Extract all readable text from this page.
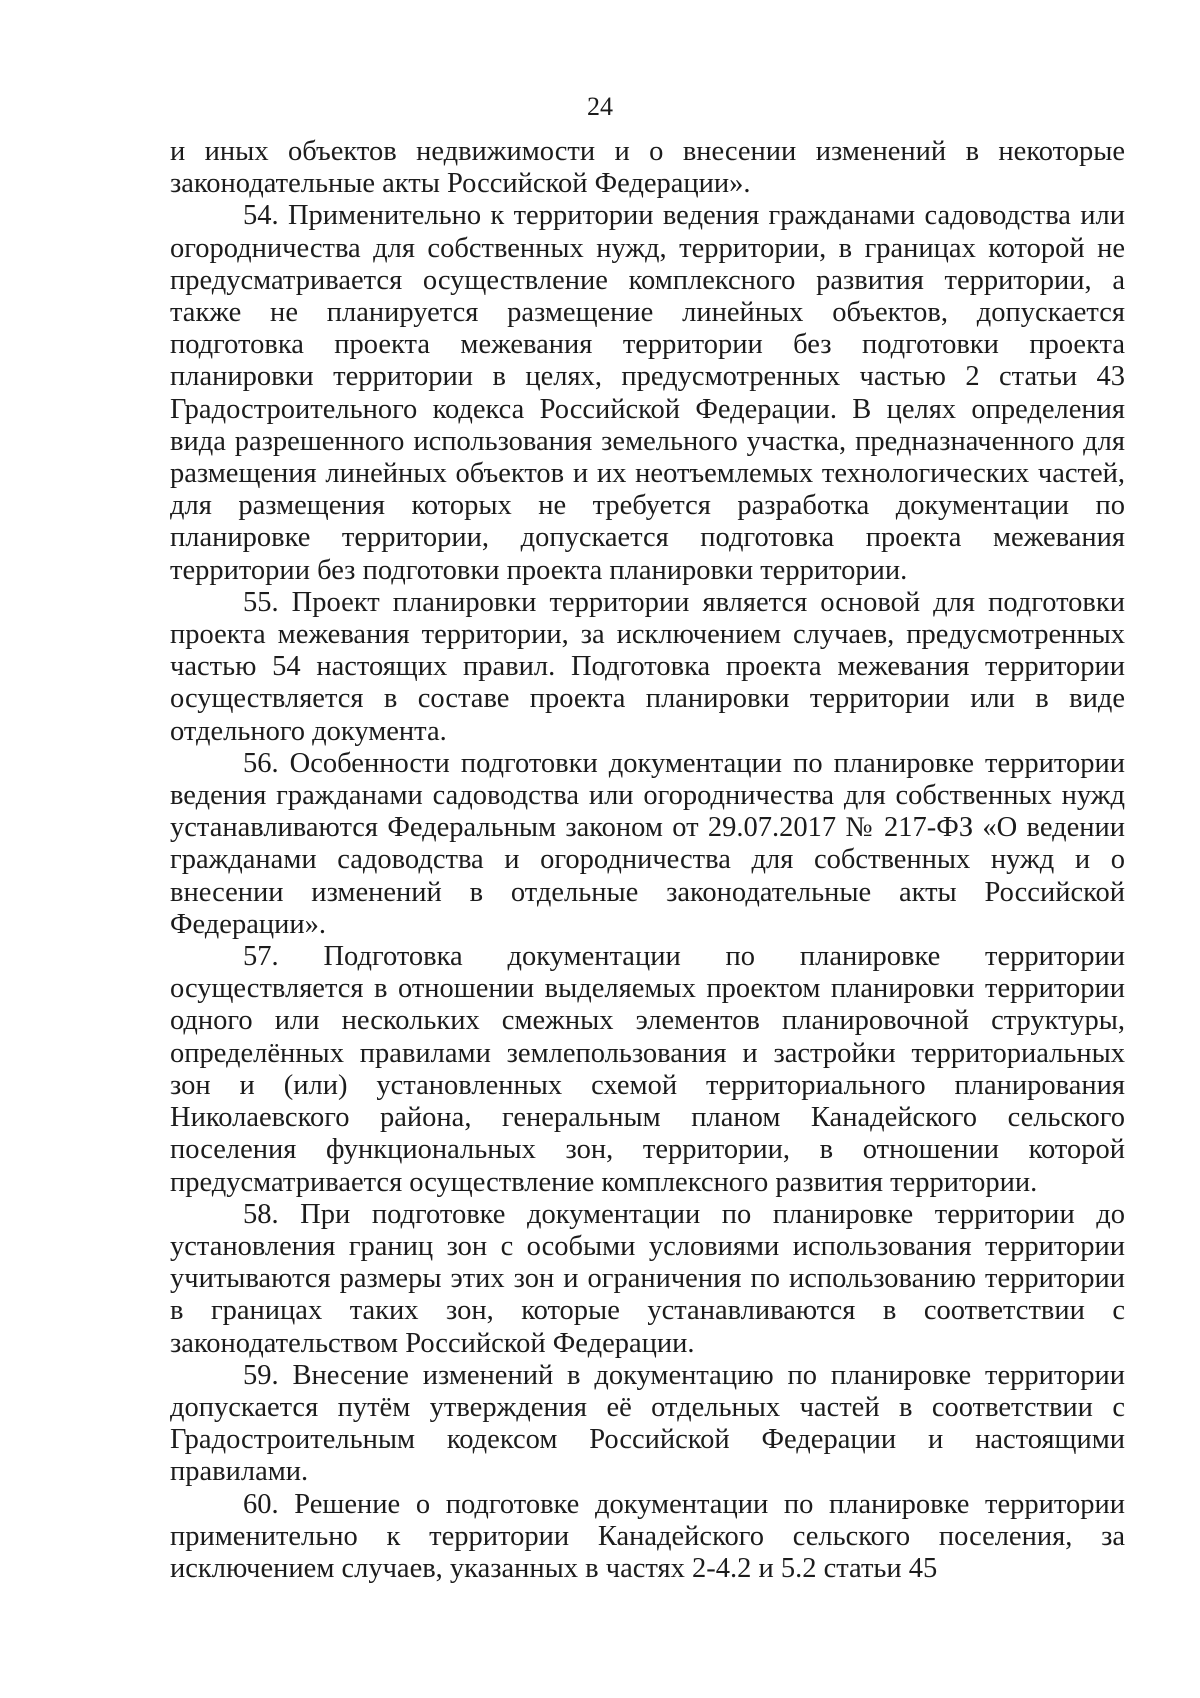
24

и иных объектов недвижимости и о внесении изменений в некоторые законодательные акты Российской Федерации».

54. Применительно к территории ведения гражданами садоводства или огородничества для собственных нужд, территории, в границах которой не предусматривается осуществление комплексного развития территории, а также не планируется размещение линейных объектов, допускается подготовка проекта межевания территории без подготовки проекта планировки территории в целях, предусмотренных частью 2 статьи 43 Градостроительного кодекса Российской Федерации. В целях определения вида разрешенного использования земельного участка, предназначенного для размещения линейных объектов и их неотъемлемых технологических частей, для размещения которых не требуется разработка документации по планировке территории, допускается подготовка проекта межевания территории без подготовки проекта планировки территории.

55. Проект планировки территории является основой для подготовки проекта межевания территории, за исключением случаев, предусмотренных частью 54 настоящих правил. Подготовка проекта межевания территории осуществляется в составе проекта планировки территории или в виде отдельного документа.

56. Особенности подготовки документации по планировке территории ведения гражданами садоводства или огородничества для собственных нужд устанавливаются Федеральным законом от 29.07.2017 № 217-ФЗ «О ведении гражданами садоводства и огородничества для собственных нужд и о внесении изменений в отдельные законодательные акты Российской Федерации».

57. Подготовка документации по планировке территории осуществляется в отношении выделяемых проектом планировки территории одного или нескольких смежных элементов планировочной структуры, определённых правилами землепользования и застройки территориальных зон и (или) установленных схемой территориального планирования Николаевского района, генеральным планом Канадейского сельского поселения функциональных зон, территории, в отношении которой предусматривается осуществление комплексного развития территории.

58. При подготовке документации по планировке территории до установления границ зон с особыми условиями использования территории учитываются размеры этих зон и ограничения по использованию территории в границах таких зон, которые устанавливаются в соответствии с законодательством Российской Федерации.

59. Внесение изменений в документацию по планировке территории допускается путём утверждения её отдельных частей в соответствии с Градостроительным кодексом Российской Федерации и настоящими правилами.

60. Решение о подготовке документации по планировке территории применительно к территории Канадейского сельского поселения, за исключением случаев, указанных в частях 2-4.2 и 5.2 статьи 45
